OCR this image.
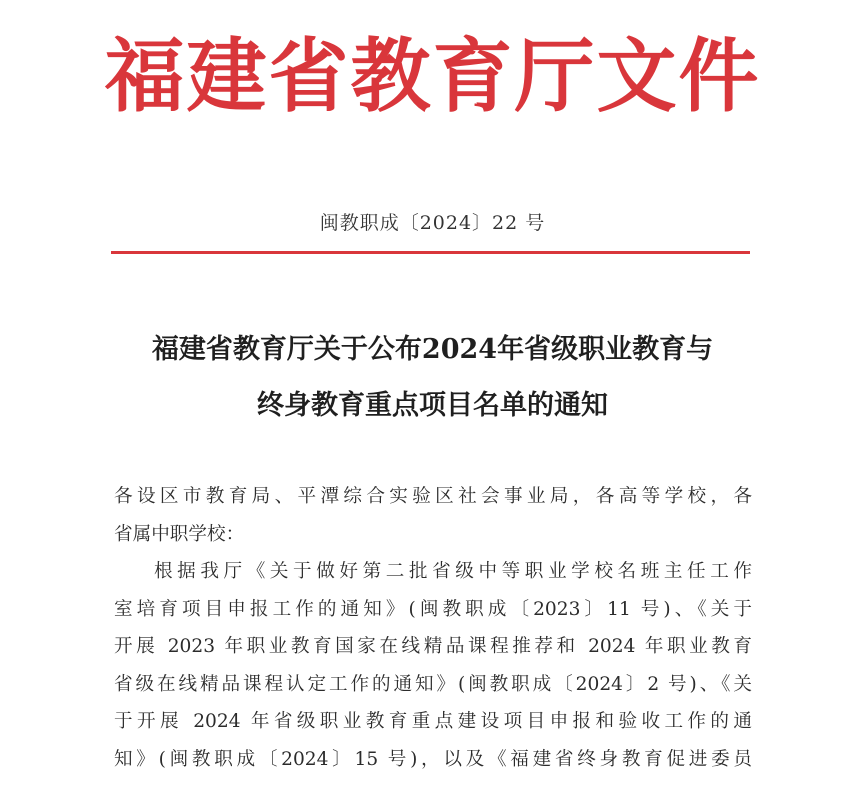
福建省教育厅文件
闽教职成〔2024〕22 号
福建省教育厅关于公布2024年省级职业教育与
终身教育重点项目名单的通知
各设区市教育局、平潭综合实验区社会事业局，各高等学校，各
省属中职学校：
根据我厅《关于做好第二批省级中等职业学校名班主任工作
室培育项目申报工作的通知》(闽教职成〔2023〕11 号)、《关于
开展 2023 年职业教育国家在线精品课程推荐和 2024 年职业教育
省级在线精品课程认定工作的通知》(闽教职成〔2024〕2 号)、《关
于开展 2024 年省级职业教育重点建设项目申报和验收工作的通
知》(闽教职成〔2024〕15 号)，以及《福建省终身教育促进委员
